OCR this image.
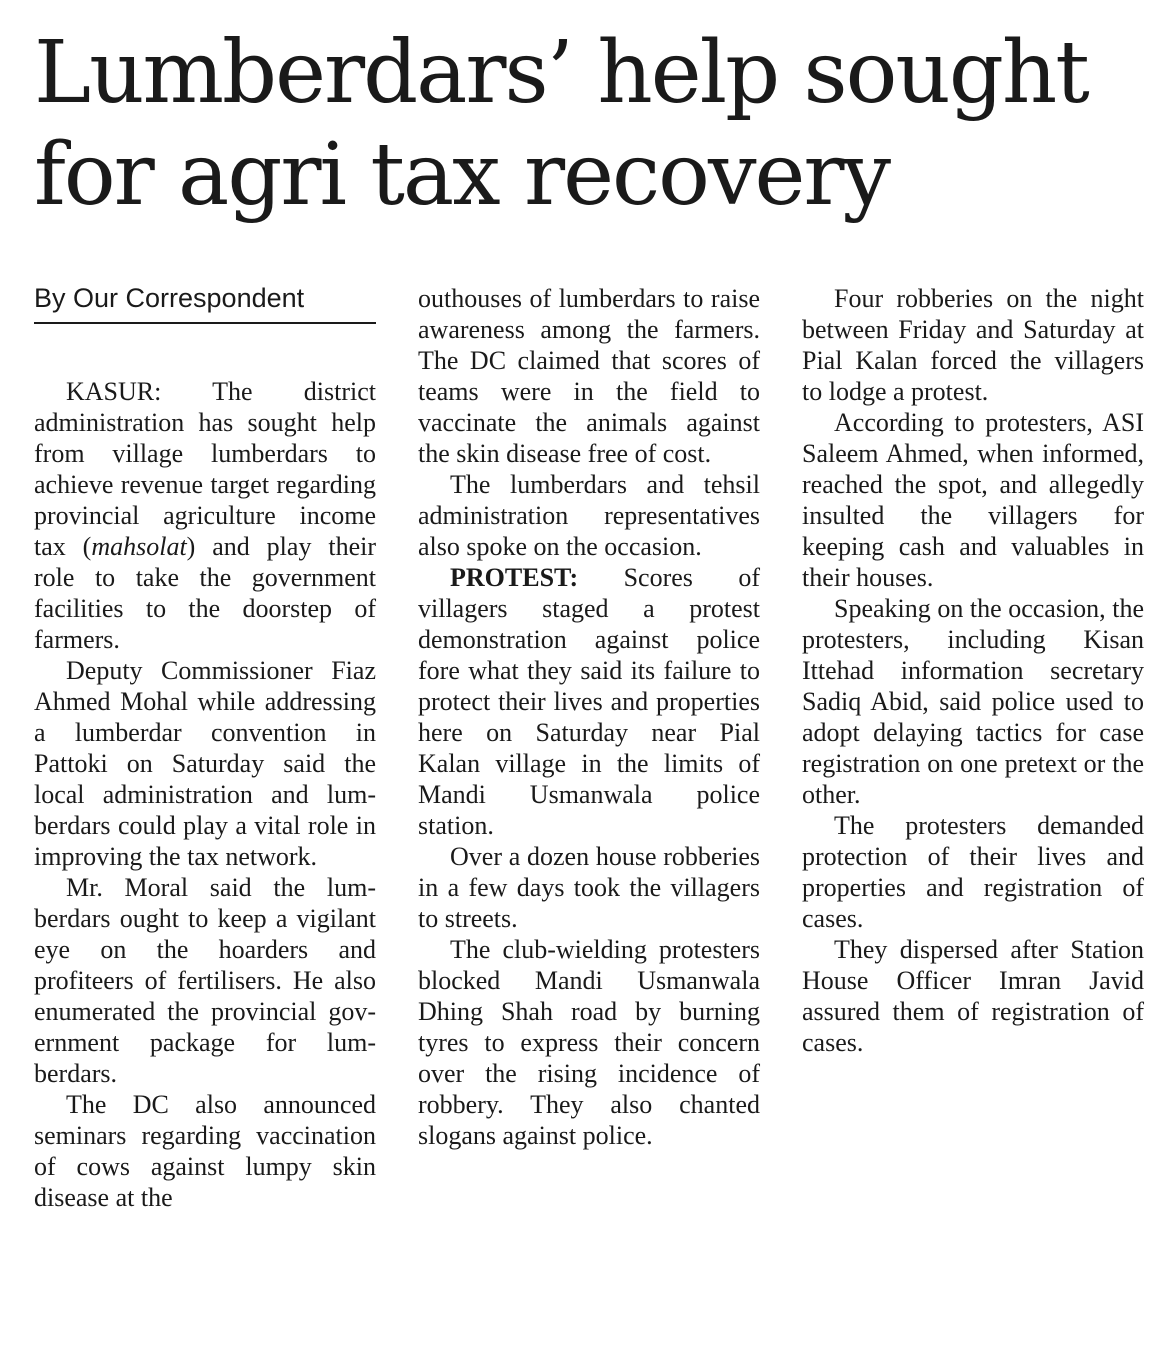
Lumberdars’ help sought
for agri tax recovery
By Our Correspondent

KASUR: The district administration has sought help from village lumberdars to achieve revenue target regarding provincial agriculture income tax (mahsolat) and play their role to take the government facilities to the doorstep of farmers.

Deputy Commissioner Fiaz Ahmed Mohal while addressing a lumberdar convention in Pattoki on Saturday said the local administration and lumberdars could play a vital role in improving the tax network.

Mr. Moral said the lumberdars ought to keep a vigilant eye on the hoarders and profiteers of fertilisers. He also enumerated the provincial government package for lumberdars.

The DC also announced seminars regarding vaccination of cows against lumpy skin disease at the

outhouses of lumberdars to raise awareness among the farmers. The DC claimed that scores of teams were in the field to vaccinate the animals against the skin disease free of cost.

The lumberdars and tehsil administration representatives also spoke on the occasion.

PROTEST: Scores of villagers staged a protest demonstration against police fore what they said its failure to protect their lives and properties here on Saturday near Pial Kalan village in the limits of Mandi Usmanwala police station.

Over a dozen house robberies in a few days took the villagers to streets.

The club-wielding protesters blocked Mandi Usmanwala Dhing Shah road by burning tyres to express their concern over the rising incidence of robbery. They also chanted slogans against police.

Four robberies on the night between Friday and Saturday at Pial Kalan forced the villagers to lodge a protest.

According to protesters, ASI Saleem Ahmed, when informed, reached the spot, and allegedly insulted the villagers for keeping cash and valuables in their houses.

Speaking on the occasion, the protesters, including Kisan Ittehad information secretary Sadiq Abid, said police used to adopt delaying tactics for case registration on one pretext or the other.

The protesters demanded protection of their lives and properties and registration of cases.

They dispersed after Station House Officer Imran Javid assured them of registration of cases.
